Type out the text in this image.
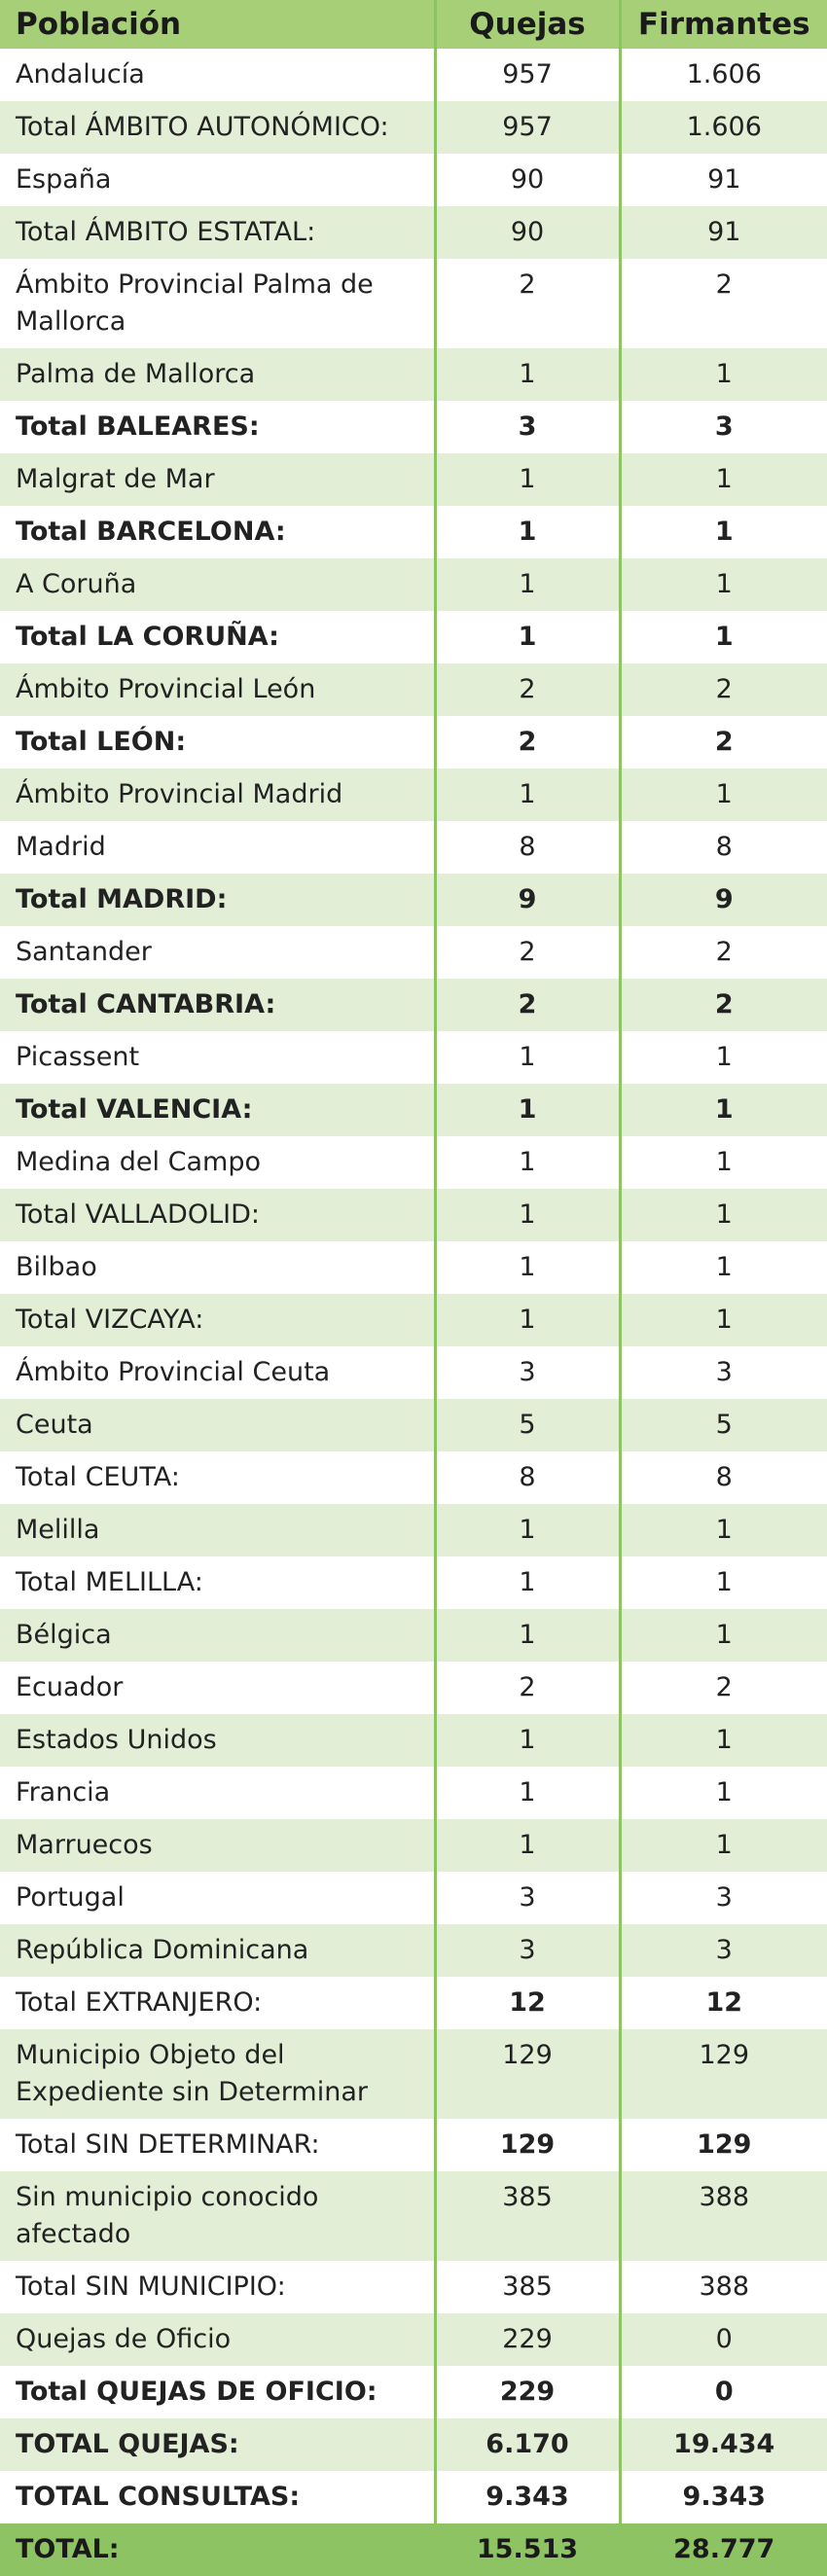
Población	Quejas	Firmantes
Andalucía	957	1.606
Total ÁMBITO AUTONÓMICO:	957	1.606
España	90	91
Total ÁMBITO ESTATAL:	90	91
Ámbito Provincial Palma de Mallorca	2	2
Palma de Mallorca	1	1
Total BALEARES:	3	3
Malgrat de Mar	1	1
Total BARCELONA:	1	1
A Coruña	1	1
Total LA CORUÑA:	1	1
Ámbito Provincial León	2	2
Total LEÓN:	2	2
Ámbito Provincial Madrid	1	1
Madrid	8	8
Total MADRID:	9	9
Santander	2	2
Total CANTABRIA:	2	2
Picassent	1	1
Total VALENCIA:	1	1
Medina del Campo	1	1
Total VALLADOLID:	1	1
Bilbao	1	1
Total VIZCAYA:	1	1
Ámbito Provincial Ceuta	3	3
Ceuta	5	5
Total CEUTA:	8	8
Melilla	1	1
Total MELILLA:	1	1
Bélgica	1	1
Ecuador	2	2
Estados Unidos	1	1
Francia	1	1
Marruecos	1	1
Portugal	3	3
República Dominicana	3	3
Total EXTRANJERO:	12	12
Municipio Objeto del Expediente sin Determinar	129	129
Total SIN DETERMINAR:	129	129
Sin municipio conocido afectado	385	388
Total SIN MUNICIPIO:	385	388
Quejas de Oficio	229	0
Total QUEJAS DE OFICIO:	229	0
TOTAL QUEJAS:	6.170	19.434
TOTAL CONSULTAS:	9.343	9.343
TOTAL:	15.513	28.777
